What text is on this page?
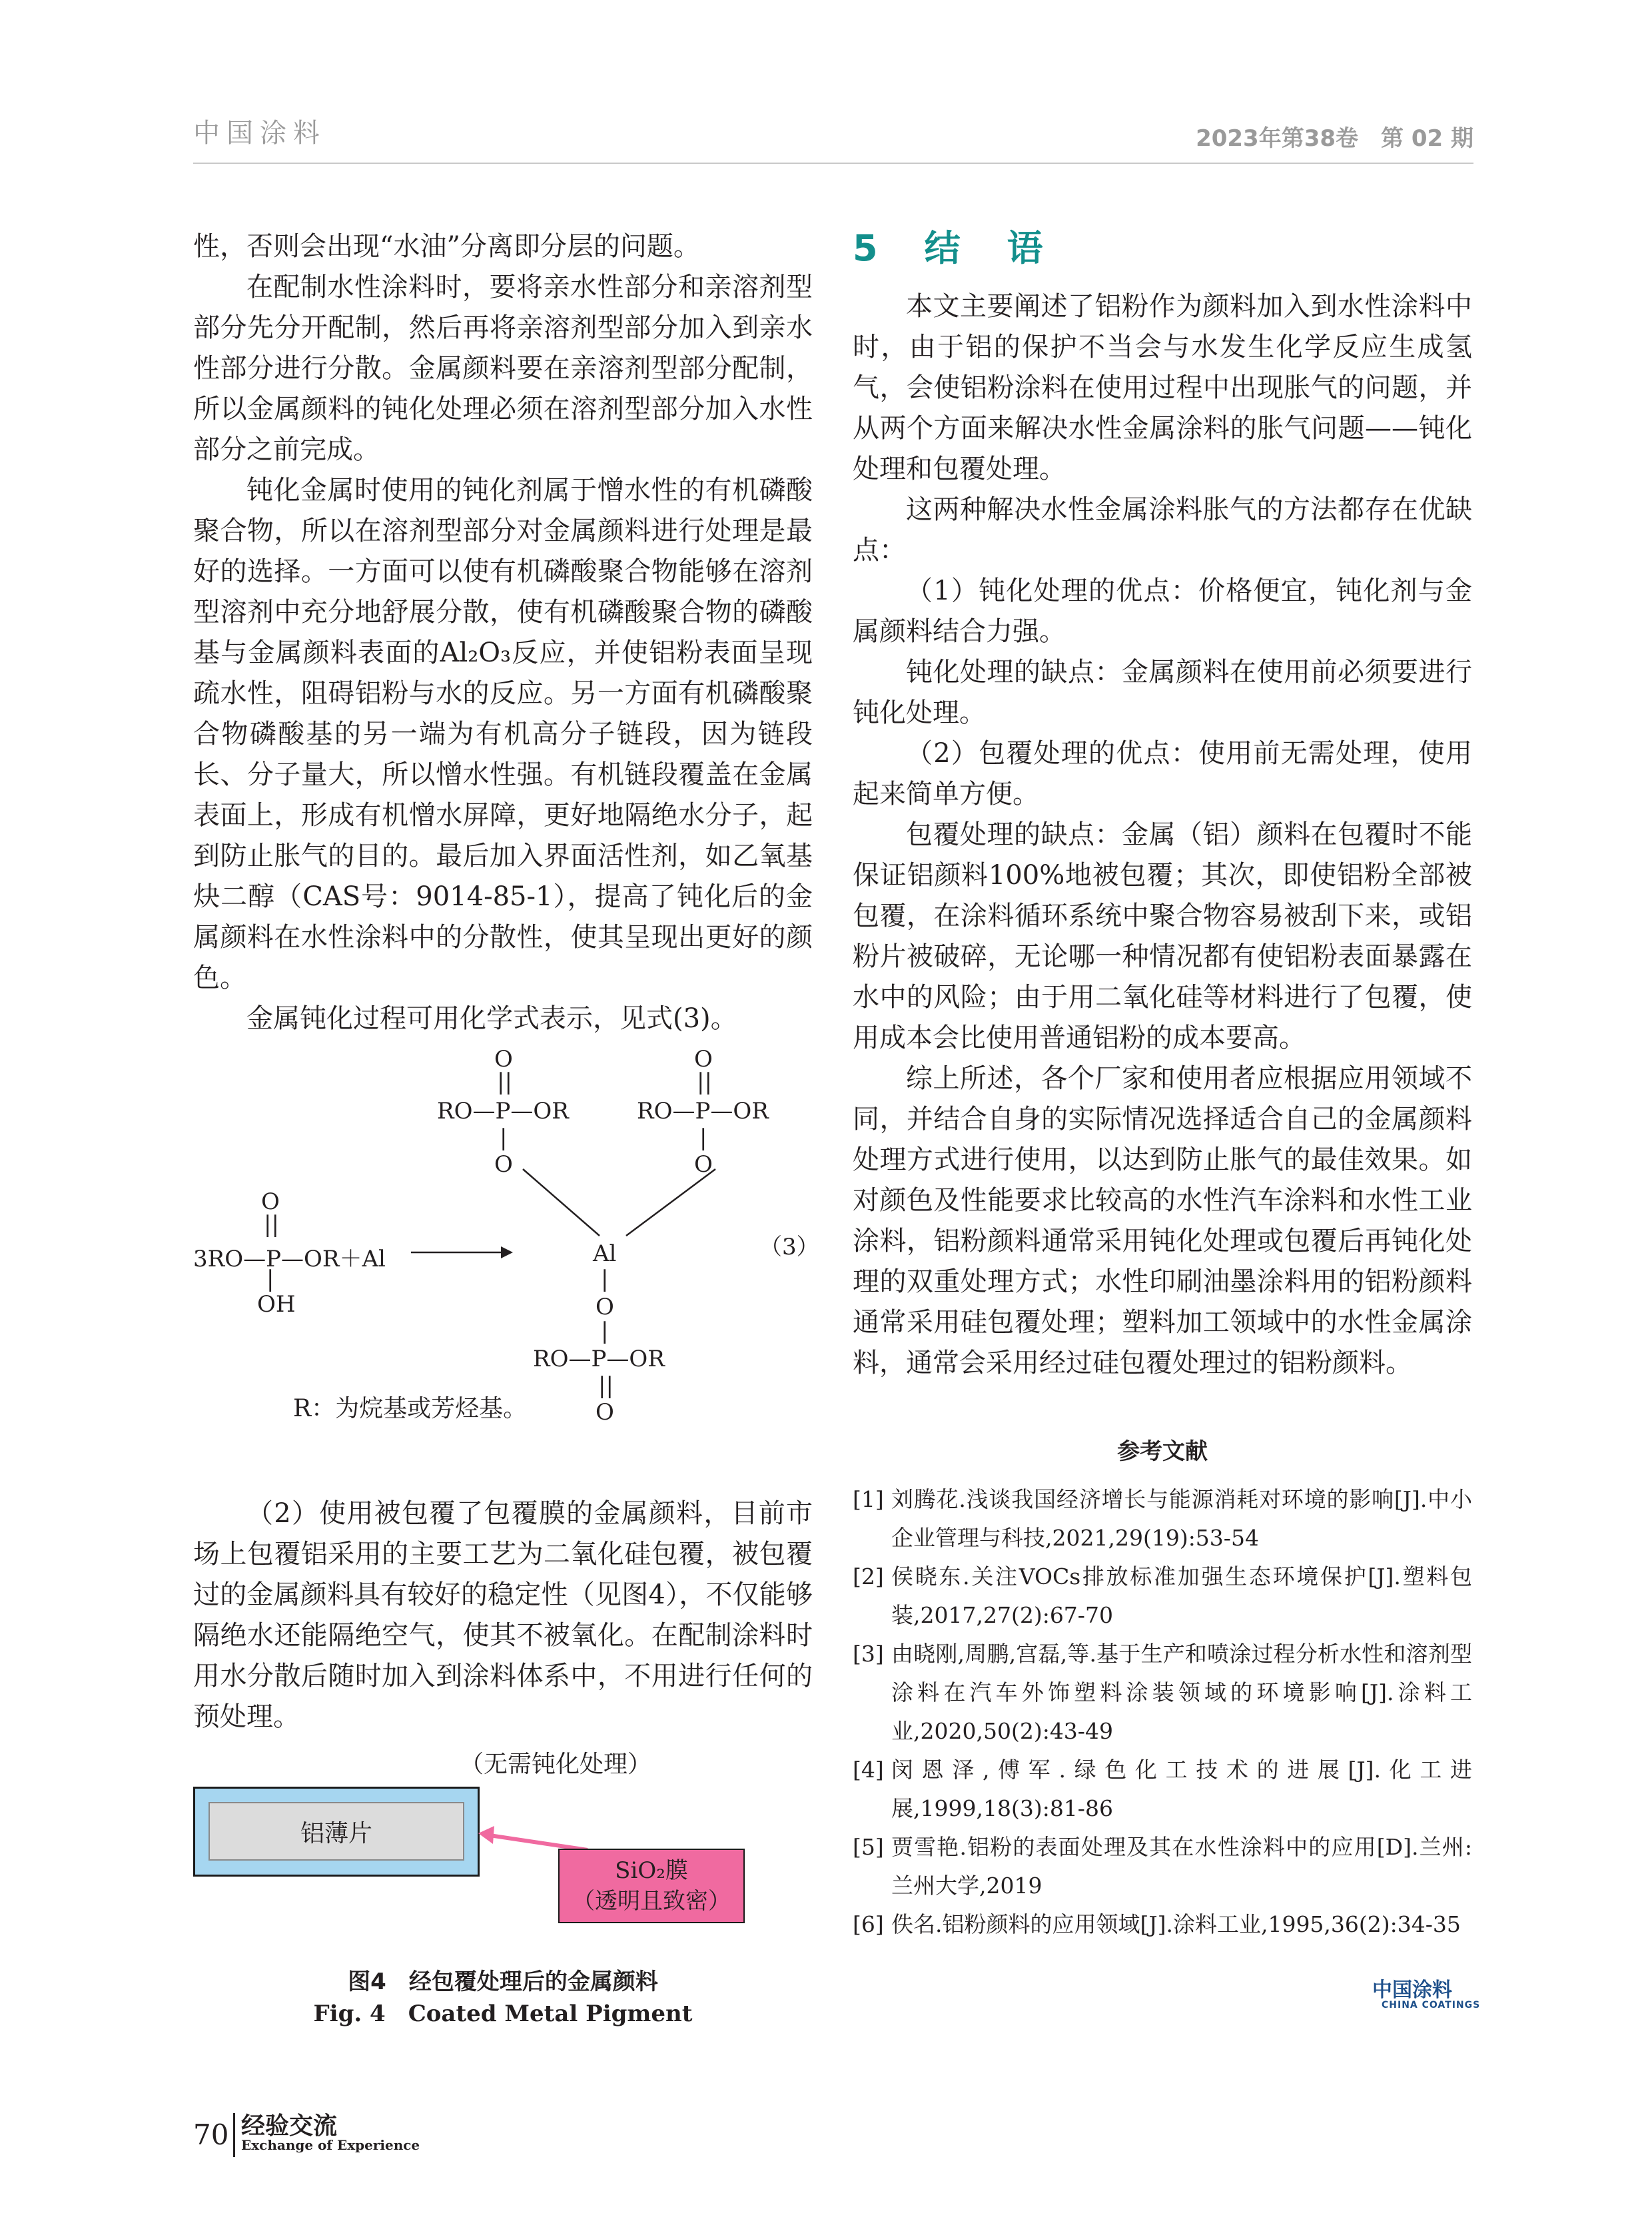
中国涂料	2023年第38卷　第 02 期

性，否则会出现“水油”分离即分层的问题。

在配制水性涂料时，要将亲水性部分和亲溶剂型部分先分开配制，然后再将亲溶剂型部分加入到亲水性部分进行分散。金属颜料要在亲溶剂型部分配制，所以金属颜料的钝化处理必须在溶剂型部分加入水性部分之前完成。

钝化金属时使用的钝化剂属于憎水性的有机磷酸聚合物，所以在溶剂型部分对金属颜料进行处理是最好的选择。一方面可以使有机磷酸聚合物能够在溶剂型溶剂中充分地舒展分散，使有机磷酸聚合物的磷酸基与金属颜料表面的Al₂O₃反应，并使铝粉表面呈现疏水性，阻碍铝粉与水的反应。另一方面有机磷酸聚合物磷酸基的另一端为有机高分子链段，因为链段长、分子量大，所以憎水性强。有机链段覆盖在金属表面上，形成有机憎水屏障，更好地隔绝水分子，起到防止胀气的目的。最后加入界面活性剂，如乙氧基炔二醇（CAS号：9014-85-1），提高了钝化后的金属颜料在水性涂料中的分散性，使其呈现出更好的颜色。

金属钝化过程可用化学式表示，见式(3)。

O
||
RO—P—OR
|
O
O
||
RO—P—OR
|
O
O
||
3RO—P—OR＋Al
|
OH
Al	（3）
|
O
|
RO—P—OR
||
O
R：为烷基或芳烃基。

（2）使用被包覆了包覆膜的金属颜料，目前市场上包覆铝采用的主要工艺为二氧化硅包覆，被包覆过的金属颜料具有较好的稳定性（见图4），不仅能够隔绝水还能隔绝空气，使其不被氧化。在配制涂料时用水分散后随时加入到涂料体系中，不用进行任何的预处理。

（无需钝化处理）
铝薄片
SiO₂膜
（透明且致密）
图4　经包覆处理后的金属颜料
Fig. 4　Coated Metal Pigment
5　结　语

本文主要阐述了铝粉作为颜料加入到水性涂料中时，由于铝的保护不当会与水发生化学反应生成氢气，会使铝粉涂料在使用过程中出现胀气的问题，并从两个方面来解决水性金属涂料的胀气问题——钝化处理和包覆处理。

这两种解决水性金属涂料胀气的方法都存在优缺点：

（1）钝化处理的优点：价格便宜，钝化剂与金属颜料结合力强。

钝化处理的缺点：金属颜料在使用前必须要进行钝化处理。

（2）包覆处理的优点：使用前无需处理，使用起来简单方便。

包覆处理的缺点：金属（铝）颜料在包覆时不能保证铝颜料100%地被包覆；其次，即使铝粉全部被包覆，在涂料循环系统中聚合物容易被刮下来，或铝粉片被破碎，无论哪一种情况都有使铝粉表面暴露在水中的风险；由于用二氧化硅等材料进行了包覆，使用成本会比使用普通铝粉的成本要高。

综上所述，各个厂家和使用者应根据应用领域不同，并结合自身的实际情况选择适合自己的金属颜料处理方式进行使用，以达到防止胀气的最佳效果。如对颜色及性能要求比较高的水性汽车涂料和水性工业涂料，铝粉颜料通常采用钝化处理或包覆后再钝化处理的双重处理方式；水性印刷油墨涂料用的铝粉颜料通常采用硅包覆处理；塑料加工领域中的水性金属涂料，通常会采用经过硅包覆处理过的铝粉颜料。

参考文献

[1] 刘腾花.浅谈我国经济增长与能源消耗对环境的影响[J].中小企业管理与科技,2021,29(19):53-54

[2] 侯晓东.关注VOCs排放标准加强生态环境保护[J].塑料包装,2017,27(2):67-70

[3] 由晓刚,周鹏,宫磊,等.基于生产和喷涂过程分析水性和溶剂型涂料在汽车外饰塑料涂装领域的环境影响[J].涂料工业,2020,50(2):43-49

[4] 闵恩泽,傅军.绿色化工技术的进展[J].化工进展,1999,18(3):81-86

[5] 贾雪艳.铝粉的表面处理及其在水性涂料中的应用[D].兰州:兰州大学,2019

[6] 佚名.铝粉颜料的应用领域[J].涂料工业,1995,36(2):34-35

中国涂料
CHINA COATINGS
70 经验交流
Exchange of Experience
